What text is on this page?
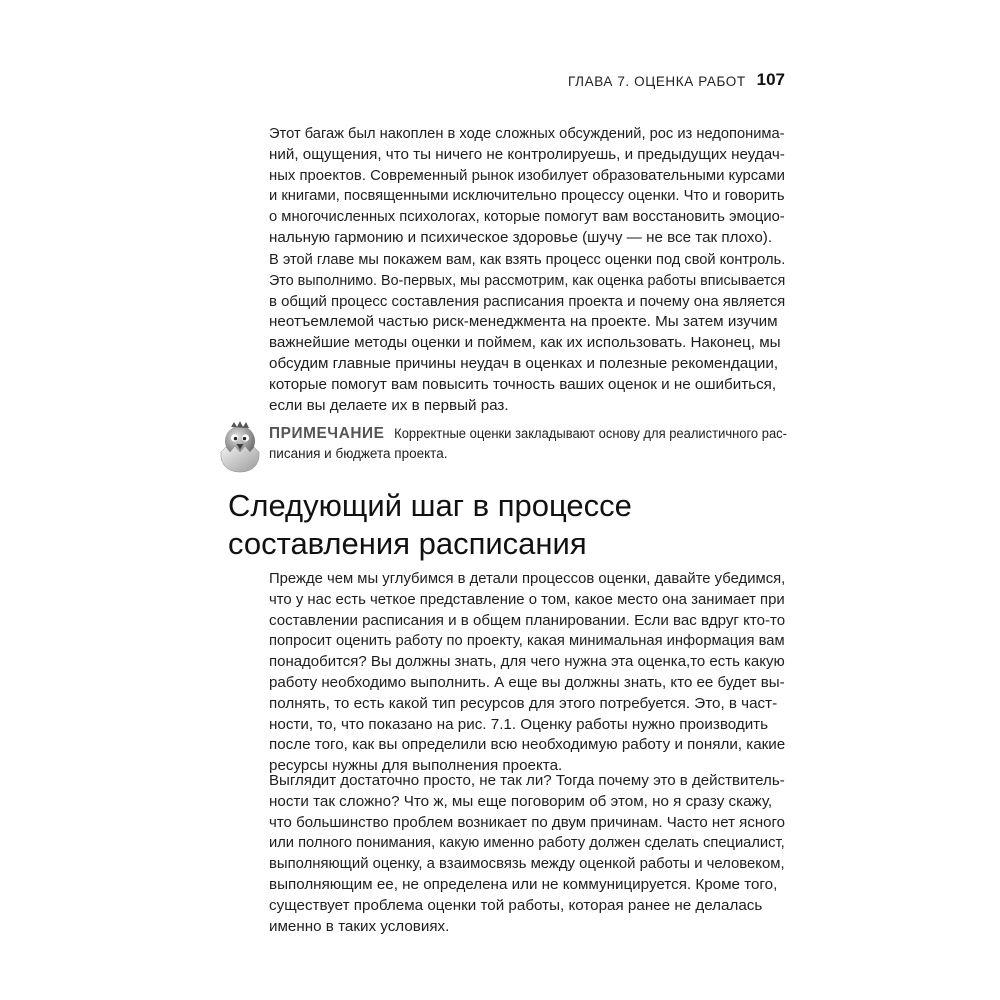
ГЛАВА 7. ОЦЕНКА РАБОТ 107

Этот багаж был накоплен в ходе сложных обсуждений, рос из недопонима-
ний, ощущения, что ты ничего не контролируешь, и предыдущих неудач-
ных проектов. Современный рынок изобилует образовательными курсами
и книгами, посвященными исключительно процессу оценки. Что и говорить
о многочисленных психологах, которые помогут вам восстановить эмоцио-
нальную гармонию и психическое здоровье (шучу — не все так плохо).

В этой главе мы покажем вам, как взять процесс оценки под свой контроль.
Это выполнимо. Во-первых, мы рассмотрим, как оценка работы вписывается
в общий процесс составления расписания проекта и почему она является
неотъемлемой частью риск-менеджмента на проекте. Мы затем изучим
важнейшие методы оценки и поймем, как их использовать. Наконец, мы
обсудим главные причины неудач в оценках и полезные рекомендации,
которые помогут вам повысить точность ваших оценок и не ошибиться,
если вы делаете их в первый раз.

ПРИМЕЧАНИЕ Корректные оценки закладывают основу для реалистичного рас-
писания и бюджета проекта.

Следующий шаг в процессе
составления расписания

Прежде чем мы углубимся в детали процессов оценки, давайте убедимся,
что у нас есть четкое представление о том, какое место она занимает при
составлении расписания и в общем планировании. Если вас вдруг кто-то
попросит оценить работу по проекту, какая минимальная информация вам
понадобится? Вы должны знать, для чего нужна эта оценка,то есть какую
работу необходимо выполнить. А еще вы должны знать, кто ее будет вы-
полнять, то есть какой тип ресурсов для этого потребуется. Это, в част-
ности, то, что показано на рис. 7.1. Оценку работы нужно производить
после того, как вы определили всю необходимую работу и поняли, какие
ресурсы нужны для выполнения проекта.

Выглядит достаточно просто, не так ли? Тогда почему это в действитель-
ности так сложно? Что ж, мы еще поговорим об этом, но я сразу скажу,
что большинство проблем возникает по двум причинам. Часто нет ясного
или полного понимания, какую именно работу должен сделать специалист,
выполняющий оценку, а взаимосвязь между оценкой работы и человеком,
выполняющим ее, не определена или не коммуницируется. Кроме того,
существует проблема оценки той работы, которая ранее не делалась
именно в таких условиях.
